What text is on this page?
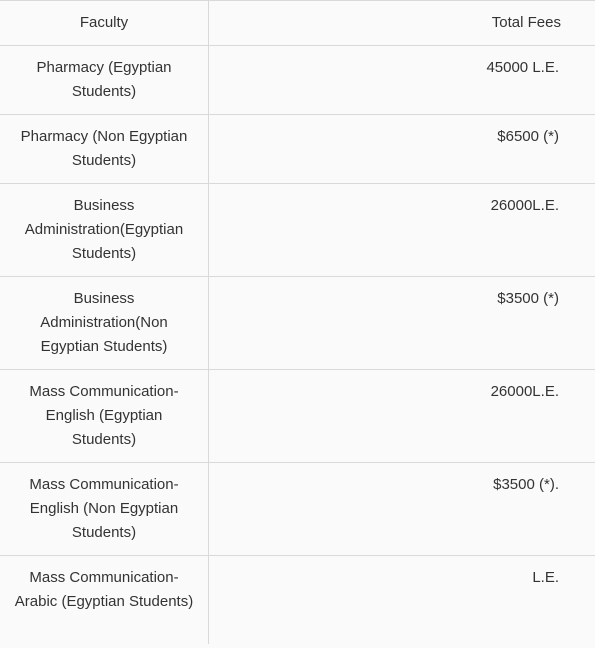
Faculty	Total Fees
Pharmacy (Egyptian Students)
45000 L.E.
Pharmacy (Non Egyptian Students)
$6500 (*)
Business Administration(Egyptian Students)
26000L.E.
Business Administration(Non Egyptian Students)
$3500 (*)
Mass Communication-English (Egyptian Students)
26000L.E.
Mass Communication-English (Non Egyptian Students)
$3500 (*).
Mass Communication-Arabic (Egyptian Students)
L.E.
